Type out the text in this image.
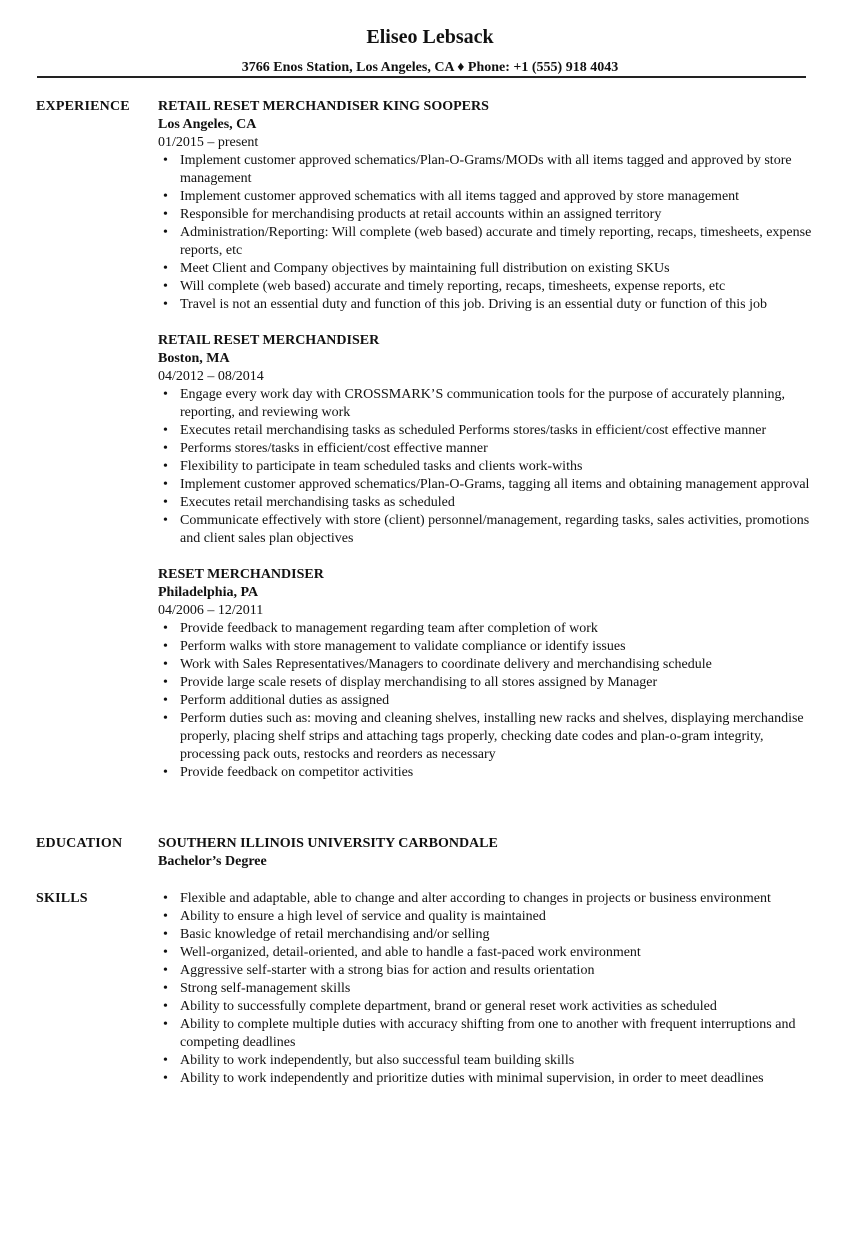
Eliseo Lebsack
3766 Enos Station, Los Angeles, CA ♦ Phone: +1 (555) 918 4043
EXPERIENCE RETAIL RESET MERCHANDISER KING SOOPERS
Los Angeles, CA
01/2015 – present
• Implement customer approved schematics/Plan-O-Grams/MODs with all items tagged and approved by store management
• Implement customer approved schematics with all items tagged and approved by store management
• Responsible for merchandising products at retail accounts within an assigned territory
• Administration/Reporting: Will complete (web based) accurate and timely reporting, recaps, timesheets, expense reports, etc
• Meet Client and Company objectives by maintaining full distribution on existing SKUs
• Will complete (web based) accurate and timely reporting, recaps, timesheets, expense reports, etc
• Travel is not an essential duty and function of this job. Driving is an essential duty or function of this job
RETAIL RESET MERCHANDISER
Boston, MA
04/2012 – 08/2014
• Engage every work day with CROSSMARK’S communication tools for the purpose of accurately planning, reporting, and reviewing work
• Executes retail merchandising tasks as scheduled Performs stores/tasks in efficient/cost effective manner
• Performs stores/tasks in efficient/cost effective manner
• Flexibility to participate in team scheduled tasks and clients work-withs
• Implement customer approved schematics/Plan-O-Grams, tagging all items and obtaining management approval
• Executes retail merchandising tasks as scheduled
• Communicate effectively with store (client) personnel/management, regarding tasks, sales activities, promotions and client sales plan objectives
RESET MERCHANDISER
Philadelphia, PA
04/2006 – 12/2011
• Provide feedback to management regarding team after completion of work
• Perform walks with store management to validate compliance or identify issues
• Work with Sales Representatives/Managers to coordinate delivery and merchandising schedule
• Provide large scale resets of display merchandising to all stores assigned by Manager
• Perform additional duties as assigned
• Perform duties such as: moving and cleaning shelves, installing new racks and shelves, displaying merchandise properly, placing shelf strips and attaching tags properly, checking date codes and plan-o-gram integrity, processing pack outs, restocks and reorders as necessary
• Provide feedback on competitor activities
EDUCATION	SOUTHERN ILLINOIS UNIVERSITY CARBONDALE
Bachelor’s Degree
SKILLS
•	Flexible and adaptable, able to change and alter according to changes in projects or business environment
• Ability to ensure a high level of service and quality is maintained
• Basic knowledge of retail merchandising and/or selling
• Well-organized, detail-oriented, and able to handle a fast-paced work environment
• Aggressive self-starter with a strong bias for action and results orientation
• Strong self-management skills
• Ability to successfully complete department, brand or general reset work activities as scheduled
• Ability to complete multiple duties with accuracy shifting from one to another with frequent interruptions and competing deadlines
• Ability to work independently, but also successful team building skills
• Ability to work independently and prioritize duties with minimal supervision, in order to meet deadlines
